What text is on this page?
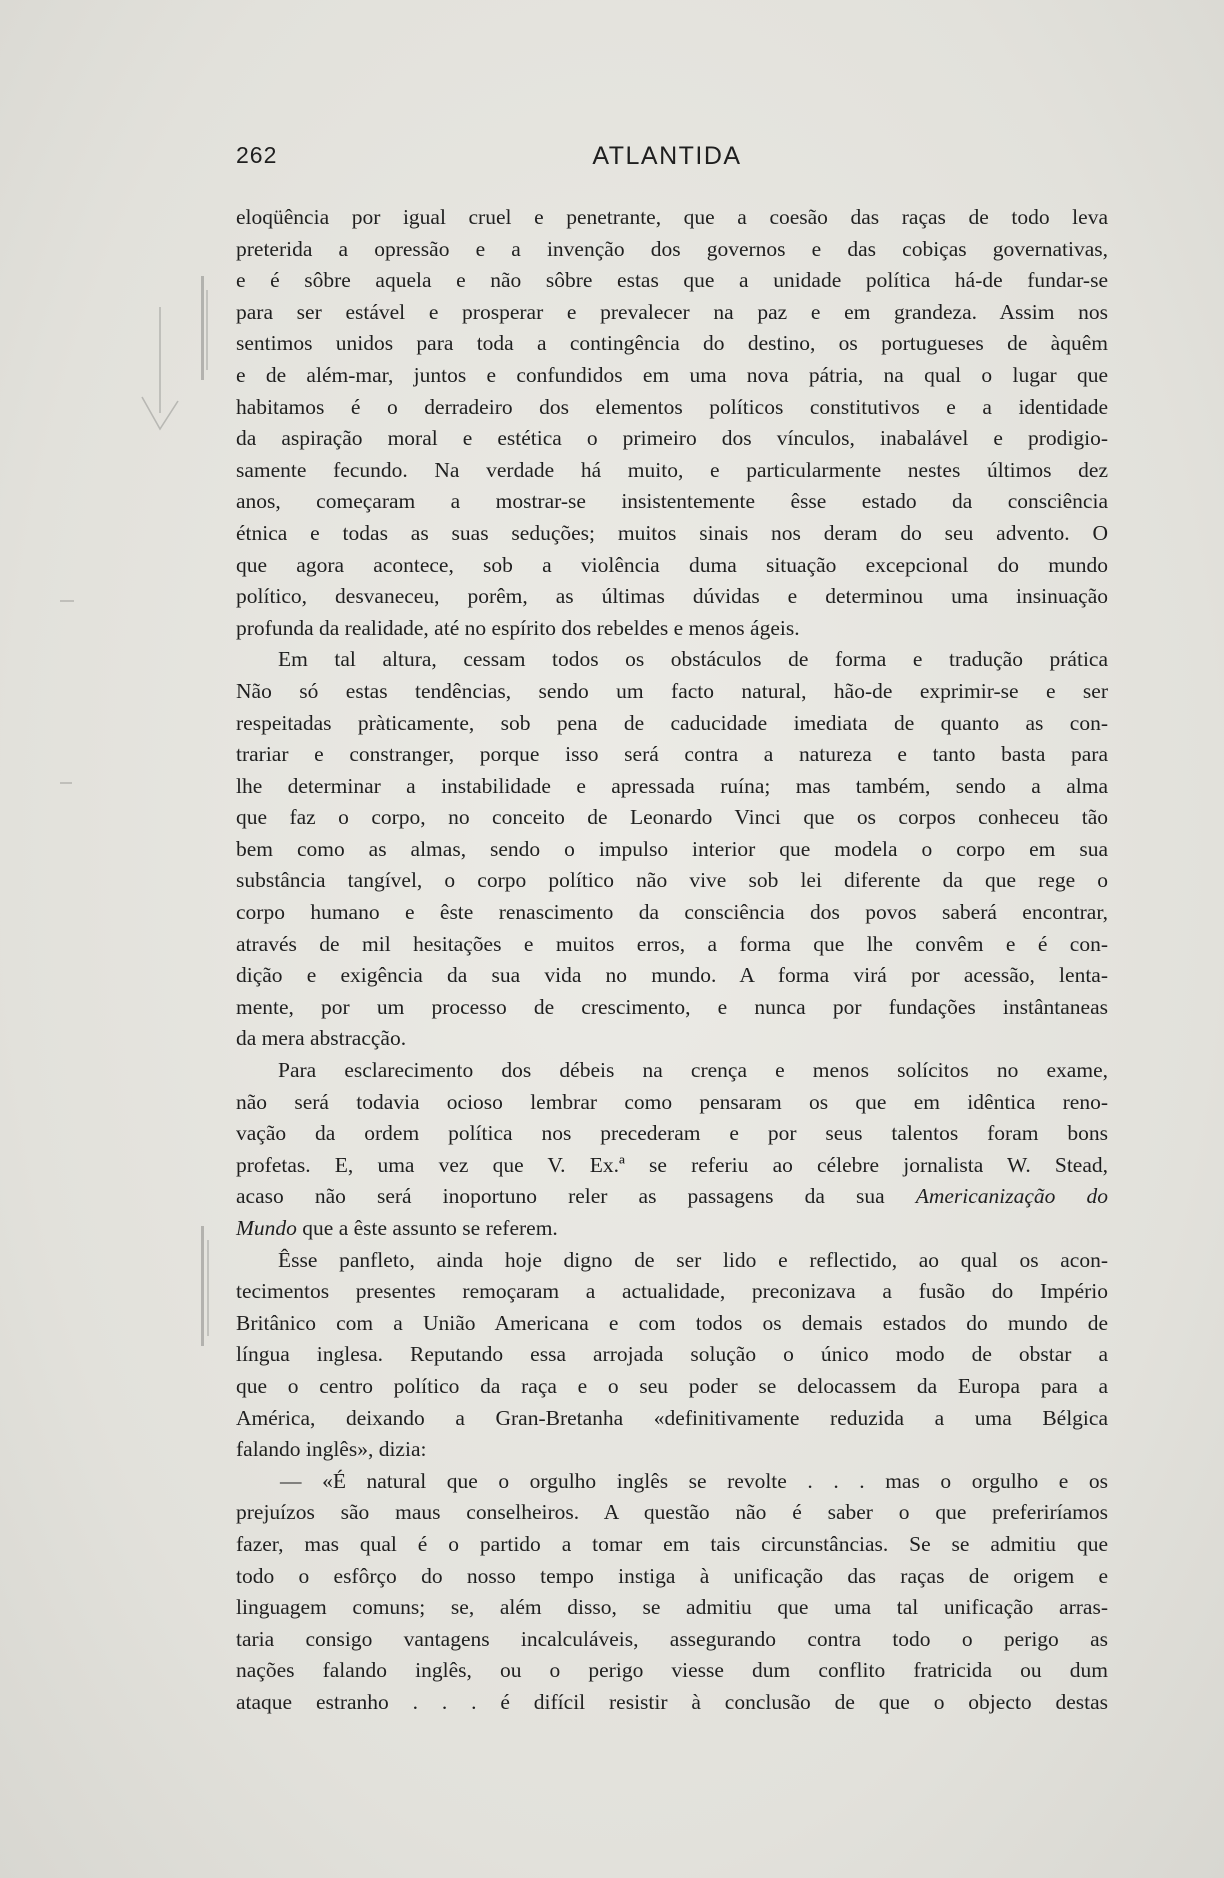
262	ATLANTIDA
eloqüência por igual cruel e penetrante, que a coesão das raças de todo leva
preterida a opressão e a invenção dos governos e das cobiças governativas,
e é sôbre aquela e não sôbre estas que a unidade política há-de fundar-se
para ser estável e prosperar e prevalecer na paz e em grandeza. Assim nos
sentimos unidos para toda a contingência do destino, os portugueses de àquêm
e de além-mar, juntos e confundidos em uma nova pátria, na qual o lugar que
habitamos é o derradeiro dos elementos políticos constitutivos e a identidade
da aspiração moral e estética o primeiro dos vínculos, inabalável e prodigio-
samente fecundo. Na verdade há muito, e particularmente nestes últimos dez
anos, começaram a mostrar-se insistentemente êsse estado da consciência
étnica e todas as suas seduções; muitos sinais nos deram do seu advento. O
que agora acontece, sob a violência duma situação excepcional do mundo
político, desvaneceu, porêm, as últimas dúvidas e determinou uma insinuação
profunda da realidade, até no espírito dos rebeldes e menos ágeis.
Em tal altura, cessam todos os obstáculos de forma e tradução prática
Não só estas tendências, sendo um facto natural, hão-de exprimir-se e ser
respeitadas pràticamente, sob pena de caducidade imediata de quanto as con-
trariar e constranger, porque isso será contra a natureza e tanto basta para
lhe determinar a instabilidade e apressada ruína; mas também, sendo a alma
que faz o corpo, no conceito de Leonardo Vinci que os corpos conheceu tão
bem como as almas, sendo o impulso interior que modela o corpo em sua
substância tangível, o corpo político não vive sob lei diferente da que rege o
corpo humano e êste renascimento da consciência dos povos saberá encontrar,
através de mil hesitações e muitos erros, a forma que lhe convêm e é con-
dição e exigência da sua vida no mundo. A forma virá por acessão, lenta-
mente, por um processo de crescimento, e nunca por fundações instântaneas
da mera abstracção.
Para esclarecimento dos débeis na crença e menos solícitos no exame,
não será todavia ocioso lembrar como pensaram os que em idêntica reno-
vação da ordem política nos precederam e por seus talentos foram bons
profetas. E, uma vez que V. Ex.ª se referiu ao célebre jornalista W. Stead,
acaso não será inoportuno reler as passagens da sua Americanização do
Mundo que a êste assunto se referem.
Êsse panfleto, ainda hoje digno de ser lido e reflectido, ao qual os acon-
tecimentos presentes remoçaram a actualidade, preconizava a fusão do Império
Britânico com a União Americana e com todos os demais estados do mundo de
língua inglesa. Reputando essa arrojada solução o único modo de obstar a
que o centro político da raça e o seu poder se delocassem da Europa para a
América, deixando a Gran-Bretanha «definitivamente reduzida a uma Bélgica
falando inglês», dizia:
— «É natural que o orgulho inglês se revolte . . . mas o orgulho e os
prejuízos são maus conselheiros. A questão não é saber o que preferiríamos
fazer, mas qual é o partido a tomar em tais circunstâncias. Se se admitiu que
todo o esfôrço do nosso tempo instiga à unificação das raças de origem e
linguagem comuns; se, além disso, se admitiu que uma tal unificação arras-
taria consigo vantagens incalculáveis, assegurando contra todo o perigo as
nações falando inglês, ou o perigo viesse dum conflito fratricida ou dum
ataque estranho . . . é difícil resistir à conclusão de que o objecto destas
